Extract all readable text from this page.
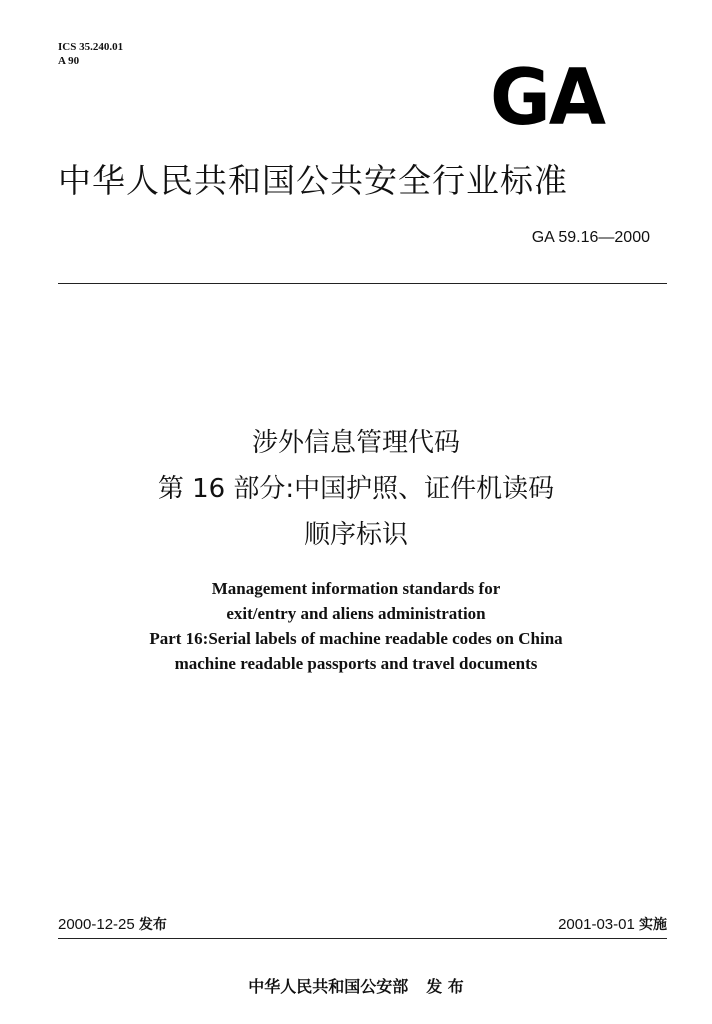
ICS 35.240.01
A 90	GA
中华人民共和国公共安全行业标准
GA 59.16—2000
涉外信息管理代码
第 16 部分:中国护照、证件机读码
顺序标识
Management information standards for
exit/entry and aliens administration
Part 16:Serial labels of machine readable codes on China
machine readable passports and travel documents
2000-12-25 发布	2001-03-01 实施
中华人民共和国公安部 发 布
